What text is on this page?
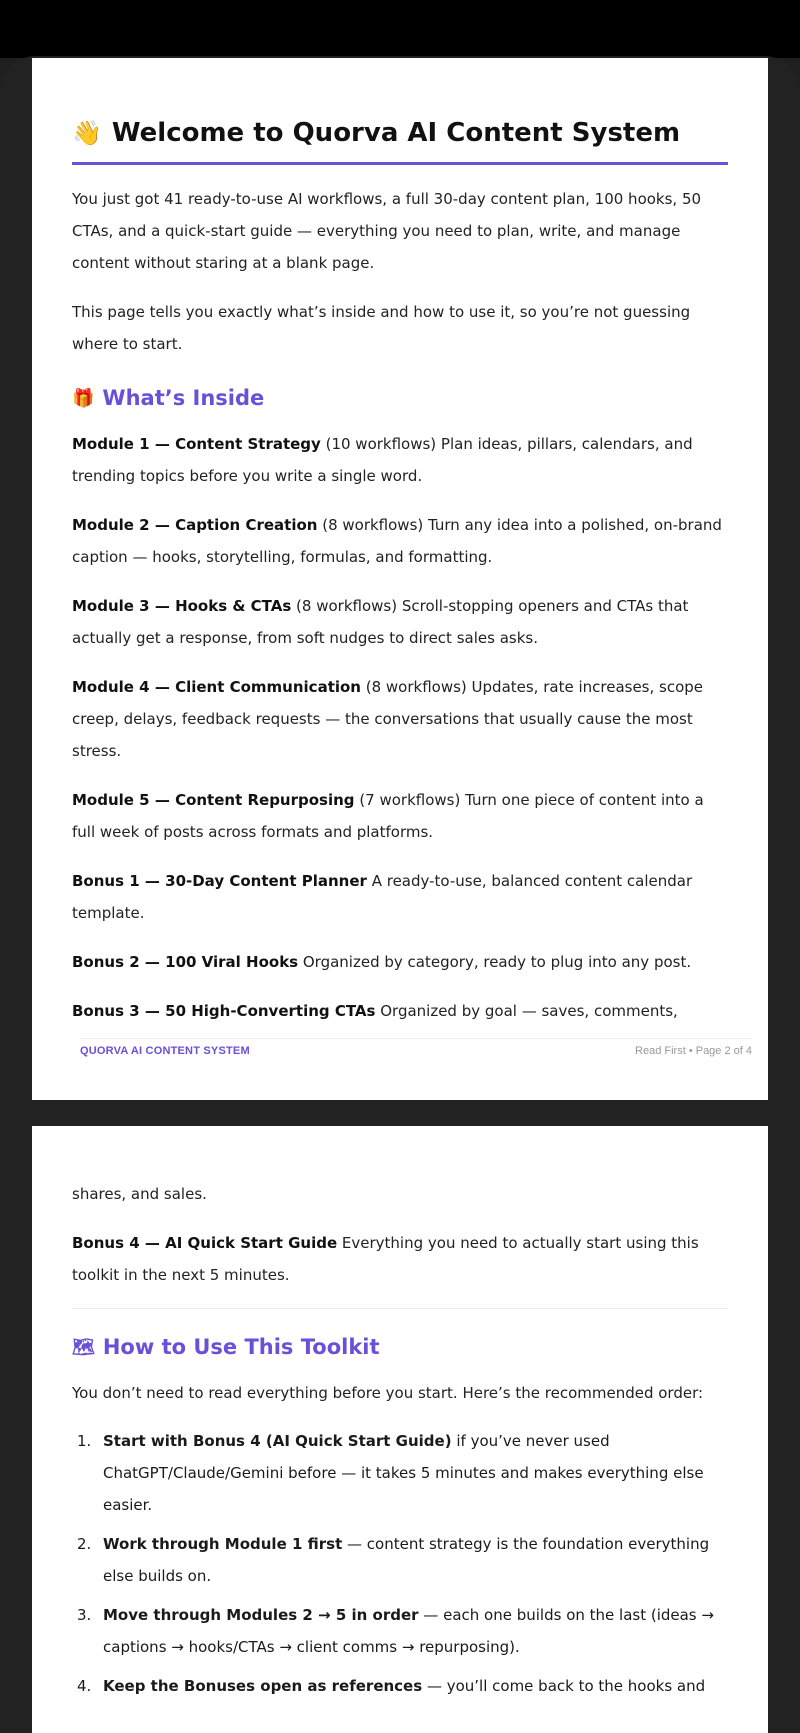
👋 Welcome to Quorva AI Content System

You just got 41 ready-to-use AI workflows, a full 30-day content plan, 100 hooks, 50 CTAs, and a quick-start guide — everything you need to plan, write, and manage content without staring at a blank page.

This page tells you exactly what’s inside and how to use it, so you’re not guessing where to start.

🎁 What’s Inside

Module 1 — Content Strategy (10 workflows) Plan ideas, pillars, calendars, and trending topics before you write a single word.

Module 2 — Caption Creation (8 workflows) Turn any idea into a polished, on-brand caption — hooks, storytelling, formulas, and formatting.

Module 3 — Hooks & CTAs (8 workflows) Scroll-stopping openers and CTAs that actually get a response, from soft nudges to direct sales asks.

Module 4 — Client Communication (8 workflows) Updates, rate increases, scope creep, delays, feedback requests — the conversations that usually cause the most stress.

Module 5 — Content Repurposing (7 workflows) Turn one piece of content into a full week of posts across formats and platforms.

Bonus 1 — 30-Day Content Planner A ready-to-use, balanced content calendar template.

Bonus 2 — 100 Viral Hooks Organized by category, ready to plug into any post.

Bonus 3 — 50 High-Converting CTAs Organized by goal — saves, comments,

QUORVA AI CONTENT SYSTEM	Read First • Page 2 of 4

shares, and sales.

Bonus 4 — AI Quick Start Guide Everything you need to actually start using this toolkit in the next 5 minutes.

🗺 How to Use This Toolkit

You don’t need to read everything before you start. Here’s the recommended order:

1. Start with Bonus 4 (AI Quick Start Guide) if you’ve never used ChatGPT/Claude/Gemini before — it takes 5 minutes and makes everything else easier.
2. Work through Module 1 first — content strategy is the foundation everything else builds on.
3. Move through Modules 2 → 5 in order — each one builds on the last (ideas → captions → hooks/CTAs → client comms → repurposing).
4. Keep the Bonuses open as references — you’ll come back to the hooks and
